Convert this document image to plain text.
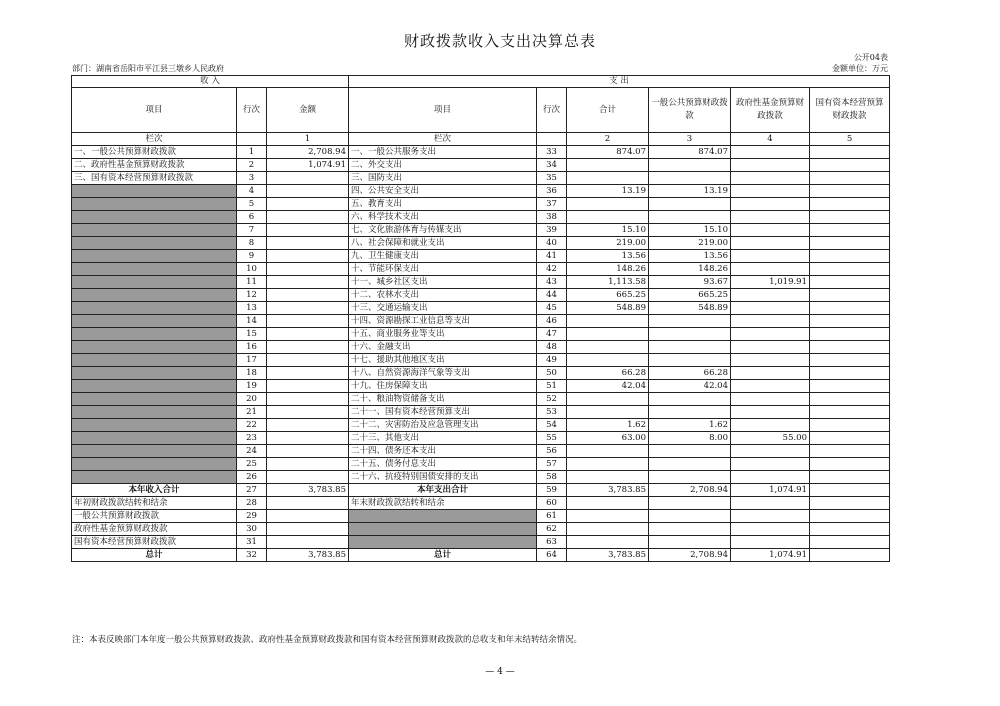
财政拨款收入支出决算总表
公开04表
部门：湖南省岳阳市平江县三墩乡人民政府	金额单位：万元
收 入			支 出					
项目	行次	金额	项目	行次	合计	一般公共预算财政拨款	政府性基金预算财政拨款	国有资本经营预算财政拨款
栏次		1	栏次		2	3	4	5
一、一般公共预算财政拨款	1	2,708.94	一、一般公共服务支出	33	874.07	874.07		
二、政府性基金预算财政拨款	2	1,074.91	二、外交支出	34				
三、国有资本经营预算财政拨款	3		三、国防支出	35				
	4		四、公共安全支出	36	13.19	13.19		
	5		五、教育支出	37				
	6		六、科学技术支出	38				
	7		七、文化旅游体育与传媒支出	39	15.10	15.10		
	8		八、社会保障和就业支出	40	219.00	219.00		
	9		九、卫生健康支出	41	13.56	13.56		
	10		十、节能环保支出	42	148.26	148.26		
	11		十一、城乡社区支出	43	1,113.58	93.67	1,019.91	
	12		十二、农林水支出	44	665.25	665.25		
	13		十三、交通运输支出	45	548.89	548.89		
	14		十四、资源勘探工业信息等支出	46				
	15		十五、商业服务业等支出	47				
	16		十六、金融支出	48				
	17		十七、援助其他地区支出	49				
	18		十八、自然资源海洋气象等支出	50	66.28	66.28		
	19		十九、住房保障支出	51	42.04	42.04		
	20		二十、粮油物资储备支出	52				
	21		二十一、国有资本经营预算支出	53				
	22		二十二、灾害防治及应急管理支出	54	1.62	1.62		
	23		二十三、其他支出	55	63.00	8.00	55.00	
	24		二十四、债务还本支出	56				
	25		二十五、债务付息支出	57				
	26		二十六、抗疫特别国债安排的支出	58				
本年收入合计	27	3,783.85	本年支出合计	59	3,783.85	2,708.94	1,074.91	
年初财政拨款结转和结余	28		年末财政拨款结转和结余	60				
一般公共预算财政拨款	29			61				
政府性基金预算财政拨款	30			62				
国有资本经营预算财政拨款	31			63				
总计	32	3,783.85	总计	64	3,783.85	2,708.94	1,074.91	
注：本表反映部门本年度一般公共预算财政拨款、政府性基金预算财政拨款和国有资本经营预算财政拨款的总收支和年末结转结余情况。
— 4 —
